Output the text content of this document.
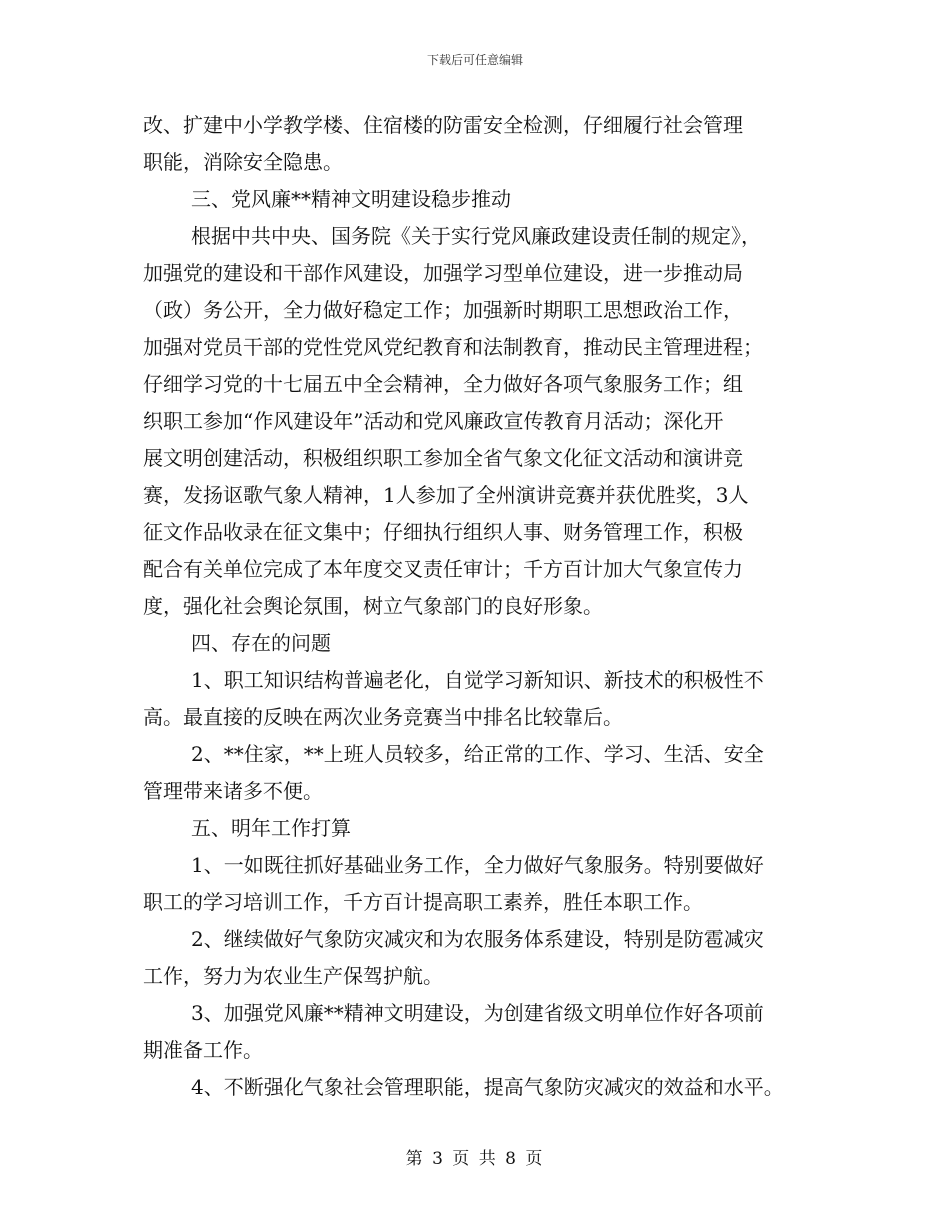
下载后可任意编辑
改、扩建中小学教学楼、住宿楼的防雷安全检测，仔细履行社会管理
职能，消除安全隐患。
三、党风廉**精神文明建设稳步推动
根据中共中央、国务院《关于实行党风廉政建设责任制的规定》，
加强党的建设和干部作风建设，加强学习型单位建设，进一步推动局
（政）务公开，全力做好稳定工作；加强新时期职工思想政治工作，
加强对党员干部的党性党风党纪教育和法制教育，推动民主管理进程；
仔细学习党的十七届五中全会精神，全力做好各项气象服务工作；组
织职工参加“作风建设年”活动和党风廉政宣传教育月活动；深化开
展文明创建活动，积极组织职工参加全省气象文化征文活动和演讲竞
赛，发扬讴歌气象人精神，1人参加了全州演讲竞赛并获优胜奖，3人
征文作品收录在征文集中；仔细执行组织人事、财务管理工作，积极
配合有关单位完成了本年度交叉责任审计；千方百计加大气象宣传力
度，强化社会舆论氛围，树立气象部门的良好形象。
四、存在的问题
1、职工知识结构普遍老化，自觉学习新知识、新技术的积极性不
高。最直接的反映在两次业务竞赛当中排名比较靠后。
2、**住家，**上班人员较多，给正常的工作、学习、生活、安全
管理带来诸多不便。
五、明年工作打算
1、一如既往抓好基础业务工作，全力做好气象服务。特别要做好
职工的学习培训工作，千方百计提高职工素养，胜任本职工作。
2、继续做好气象防灾减灾和为农服务体系建设，特别是防雹减灾
工作，努力为农业生产保驾护航。
3、加强党风廉**精神文明建设，为创建省级文明单位作好各项前
期准备工作。
4、不断强化气象社会管理职能，提高气象防灾减灾的效益和水平。
第 3 页 共 8 页
